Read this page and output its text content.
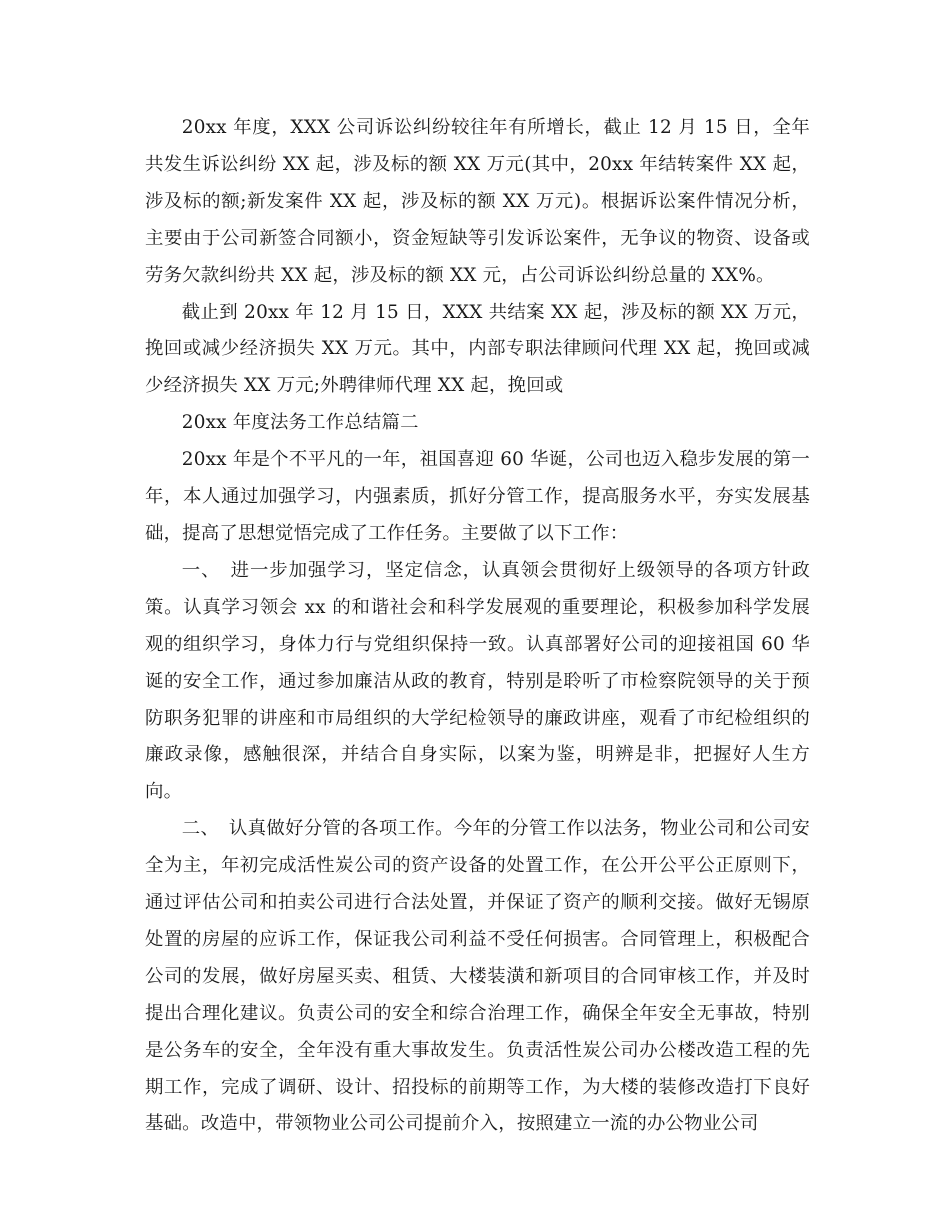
20xx 年度，XXX 公司诉讼纠纷较往年有所增长，截止 12 月 15 日，全年共发生诉讼纠纷 XX 起，涉及标的额 XX 万元(其中，20xx 年结转案件 XX 起，涉及标的额;新发案件 XX 起，涉及标的额 XX 万元)。根据诉讼案件情况分析，主要由于公司新签合同额小，资金短缺等引发诉讼案件，无争议的物资、设备或劳务欠款纠纷共 XX 起，涉及标的额 XX 元，占公司诉讼纠纷总量的 XX%。

截止到 20xx 年 12 月 15 日，XXX 共结案 XX 起，涉及标的额 XX 万元，挽回或减少经济损失 XX 万元。其中，内部专职法律顾问代理 XX 起，挽回或减少经济损失 XX 万元;外聘律师代理 XX 起，挽回或

20xx 年度法务工作总结篇二

20xx 年是个不平凡的一年，祖国喜迎 60 华诞，公司也迈入稳步发展的第一年，本人通过加强学习，内强素质，抓好分管工作，提高服务水平，夯实发展基础，提高了思想觉悟完成了工作任务。主要做了以下工作：

一、　进一步加强学习，坚定信念，认真领会贯彻好上级领导的各项方针政策。认真学习领会 xx 的和谐社会和科学发展观的重要理论，积极参加科学发展观的组织学习，身体力行与党组织保持一致。认真部署好公司的迎接祖国 60 华诞的安全工作，通过参加廉洁从政的教育，特别是聆听了市检察院领导的关于预防职务犯罪的讲座和市局组织的大学纪检领导的廉政讲座，观看了市纪检组织的廉政录像，感触很深，并结合自身实际，以案为鉴，明辨是非，把握好人生方向。

二、　认真做好分管的各项工作。今年的分管工作以法务，物业公司和公司安全为主，年初完成活性炭公司的资产设备的处置工作，在公开公平公正原则下，通过评估公司和拍卖公司进行合法处置，并保证了资产的顺利交接。做好无锡原处置的房屋的应诉工作，保证我公司利益不受任何损害。合同管理上，积极配合公司的发展，做好房屋买卖、租赁、大楼装潢和新项目的合同审核工作，并及时提出合理化建议。负责公司的安全和综合治理工作，确保全年安全无事故，特别是公务车的安全，全年没有重大事故发生。负责活性炭公司办公楼改造工程的先期工作，完成了调研、设计、招投标的前期等工作，为大楼的装修改造打下良好基础。改造中，带领物业公司公司提前介入，按照建立一流的办公物业公司
